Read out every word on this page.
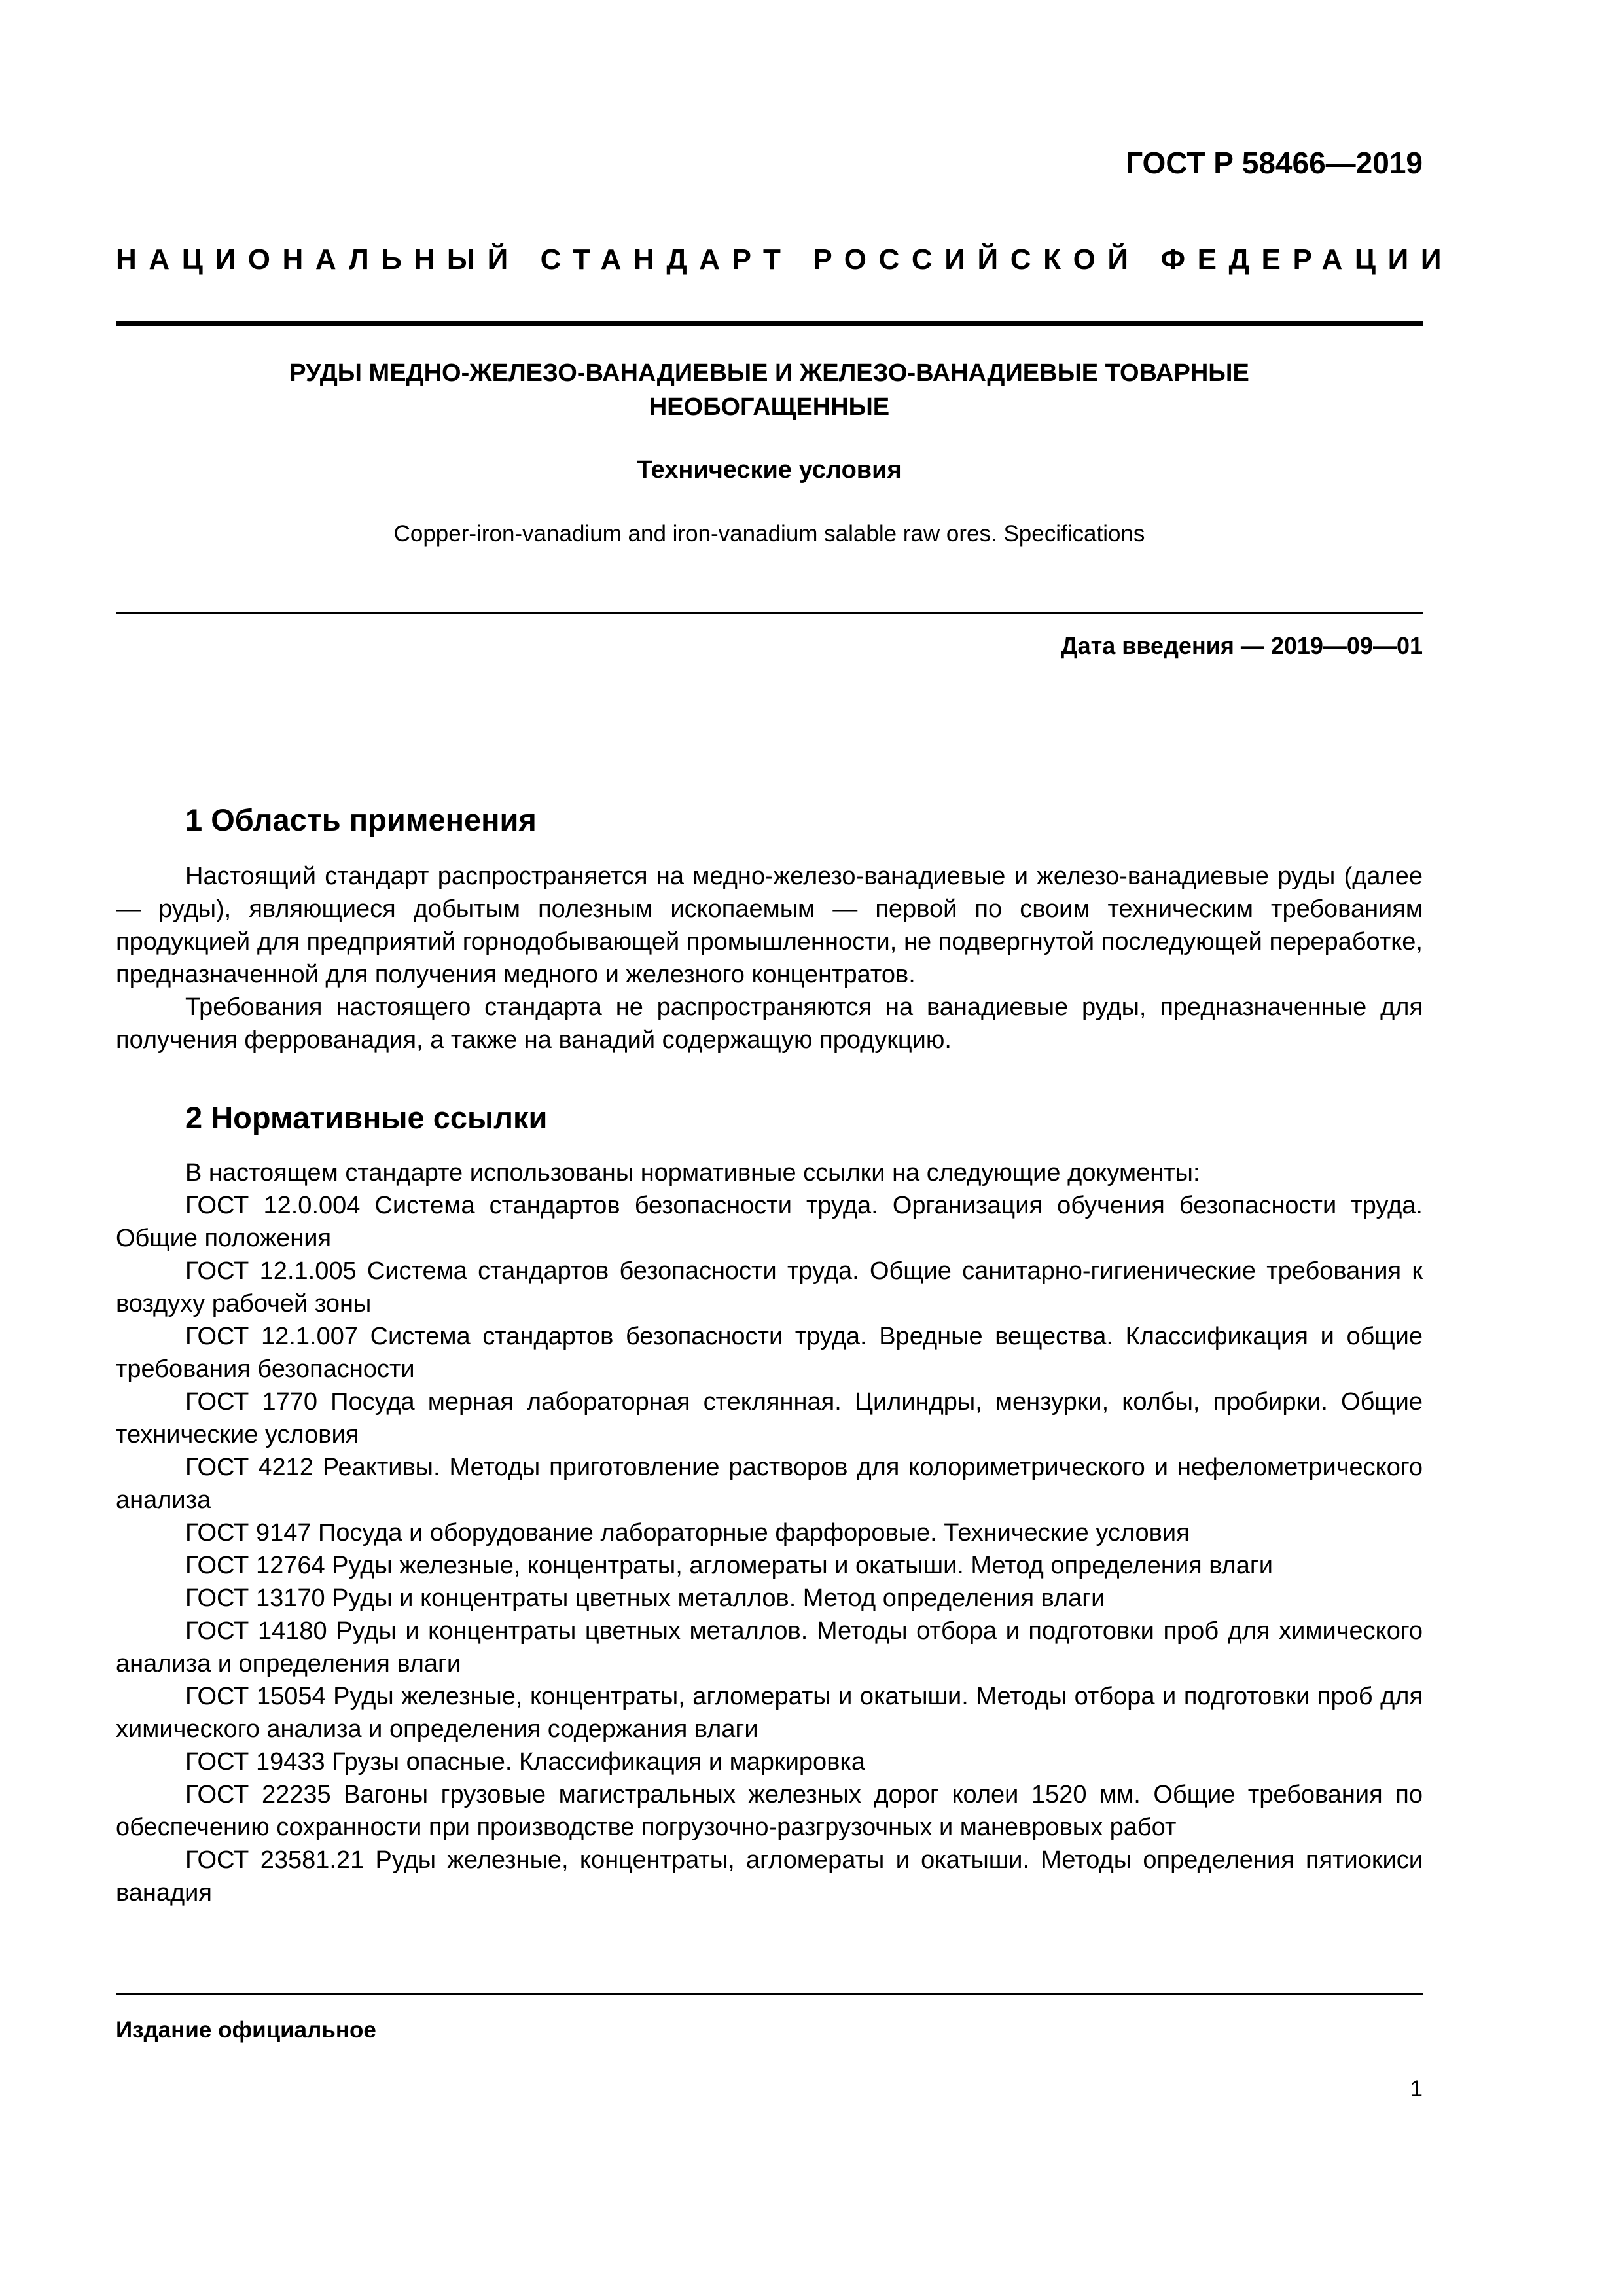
ГОСТ Р 58466—2019
НАЦИОНАЛЬНЫЙ СТАНДАРТ РОССИЙСКОЙ ФЕДЕРАЦИИ
РУДЫ МЕДНО-ЖЕЛЕЗО-ВАНАДИЕВЫЕ И ЖЕЛЕЗО-ВАНАДИЕВЫЕ ТОВАРНЫЕ
НЕОБОГАЩЕННЫЕ
Технические условия
Copper-iron-vanadium and iron-vanadium salable raw ores. Specifications
Дата введения — 2019—09—01
1 Область применения

Настоящий стандарт распространяется на медно-железо-ванадиевые и железо-ванадиевые руды (далее — руды), являющиеся добытым полезным ископаемым — первой по своим техническим требованиям продукцией для предприятий горнодобывающей промышленности, не подвергнутой последующей переработке, предназначенной для получения медного и железного концентратов.

Требования настоящего стандарта не распространяются на ванадиевые руды, предназначенные для получения феррованадия, а также на ванадий содержащую продукцию.

2 Нормативные ссылки

В настоящем стандарте использованы нормативные ссылки на следующие документы:

ГОСТ 12.0.004 Система стандартов безопасности труда. Организация обучения безопасности труда. Общие положения

ГОСТ 12.1.005 Система стандартов безопасности труда. Общие санитарно-гигиенические требования к воздуху рабочей зоны

ГОСТ 12.1.007 Система стандартов безопасности труда. Вредные вещества. Классификация и общие требования безопасности

ГОСТ 1770 Посуда мерная лабораторная стеклянная. Цилиндры, мензурки, колбы, пробирки. Общие технические условия

ГОСТ 4212 Реактивы. Методы приготовление растворов для колориметрического и нефелометрического анализа

ГОСТ 9147 Посуда и оборудование лабораторные фарфоровые. Технические условия

ГОСТ 12764 Руды железные, концентраты, агломераты и окатыши. Метод определения влаги

ГОСТ 13170 Руды и концентраты цветных металлов. Метод определения влаги

ГОСТ 14180 Руды и концентраты цветных металлов. Методы отбора и подготовки проб для химического анализа и определения влаги

ГОСТ 15054 Руды железные, концентраты, агломераты и окатыши. Методы отбора и подготовки проб для химического анализа и определения содержания влаги

ГОСТ 19433 Грузы опасные. Классификация и маркировка

ГОСТ 22235 Вагоны грузовые магистральных железных дорог колеи 1520 мм. Общие требования по обеспечению сохранности при производстве погрузочно-разгрузочных и маневровых работ

ГОСТ 23581.21 Руды железные, концентраты, агломераты и окатыши. Методы определения пятиокиси ванадия

Издание официальное
1
